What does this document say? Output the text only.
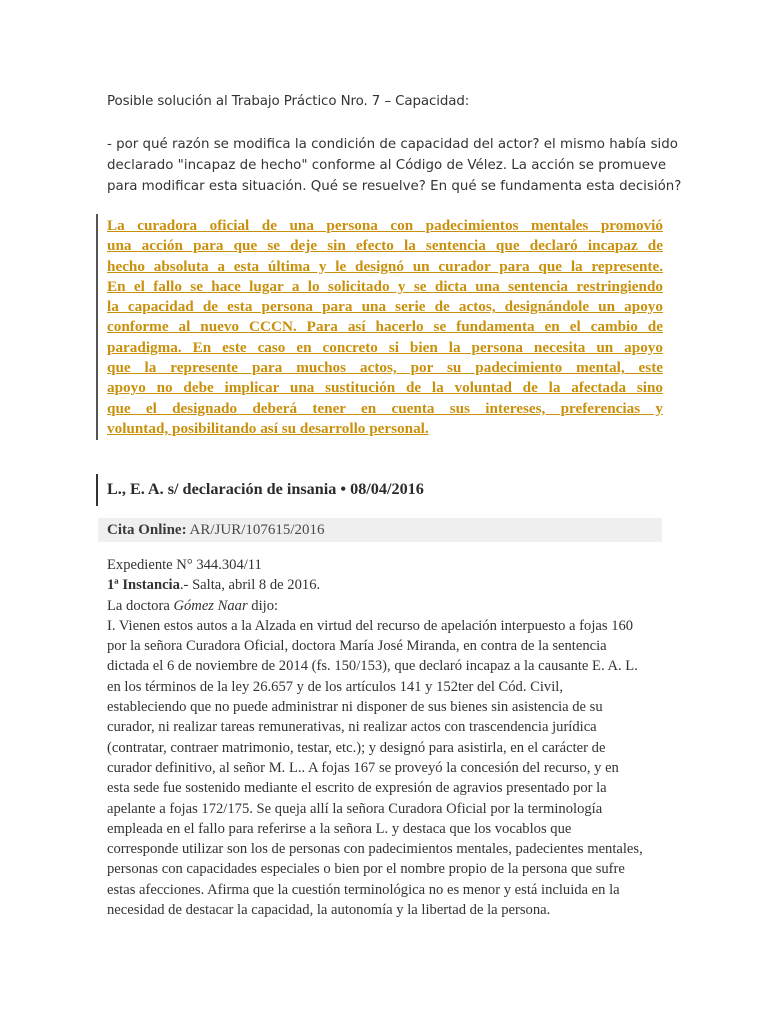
Posible solución al Trabajo Práctico Nro. 7 – Capacidad:
- por qué razón se modifica la condición de capacidad del actor? el mismo había sido
declarado "incapaz de hecho" conforme al Código de Vélez. La acción se promueve
para modificar esta situación. Qué se resuelve? En qué se fundamenta esta decisión?
La curadora oficial de una persona con padecimientos mentales promovió
una acción para que se deje sin efecto la sentencia que declaró incapaz de
hecho absoluta a esta última y le designó un curador para que la represente.
En el fallo se hace lugar a lo solicitado y se dicta una sentencia restringiendo
la capacidad de esta persona para una serie de actos, designándole un apoyo
conforme al nuevo CCCN. Para así hacerlo se fundamenta en el cambio de
paradigma. En este caso en concreto si bien la persona necesita un apoyo
que la represente para muchos actos, por su padecimiento mental, este
apoyo no debe implicar una sustitución de la voluntad de la afectada sino
que el designado deberá tener en cuenta sus intereses, preferencias y
voluntad, posibilitando así su desarrollo personal.
L., E. A. s/ declaración de insania • 08/04/2016
Cita Online: AR/JUR/107615/2016
Expediente N° 344.304/11
1ª Instancia.- Salta, abril 8 de 2016.
La doctora Gómez Naar dijo:
I. Vienen estos autos a la Alzada en virtud del recurso de apelación interpuesto a fojas 160
por la señora Curadora Oficial, doctora María José Miranda, en contra de la sentencia
dictada el 6 de noviembre de 2014 (fs. 150/153), que declaró incapaz a la causante E. A. L.
en los términos de la ley 26.657 y de los artículos 141 y 152ter del Cód. Civil,
estableciendo que no puede administrar ni disponer de sus bienes sin asistencia de su
curador, ni realizar tareas remunerativas, ni realizar actos con trascendencia jurídica
(contratar, contraer matrimonio, testar, etc.); y designó para asistirla, en el carácter de
curador definitivo, al señor M. L.. A fojas 167 se proveyó la concesión del recurso, y en
esta sede fue sostenido mediante el escrito de expresión de agravios presentado por la
apelante a fojas 172/175. Se queja allí la señora Curadora Oficial por la terminología
empleada en el fallo para referirse a la señora L. y destaca que los vocablos que
corresponde utilizar son los de personas con padecimientos mentales, padecientes mentales,
personas con capacidades especiales o bien por el nombre propio de la persona que sufre
estas afecciones. Afirma que la cuestión terminológica no es menor y está incluida en la
necesidad de destacar la capacidad, la autonomía y la libertad de la persona.
